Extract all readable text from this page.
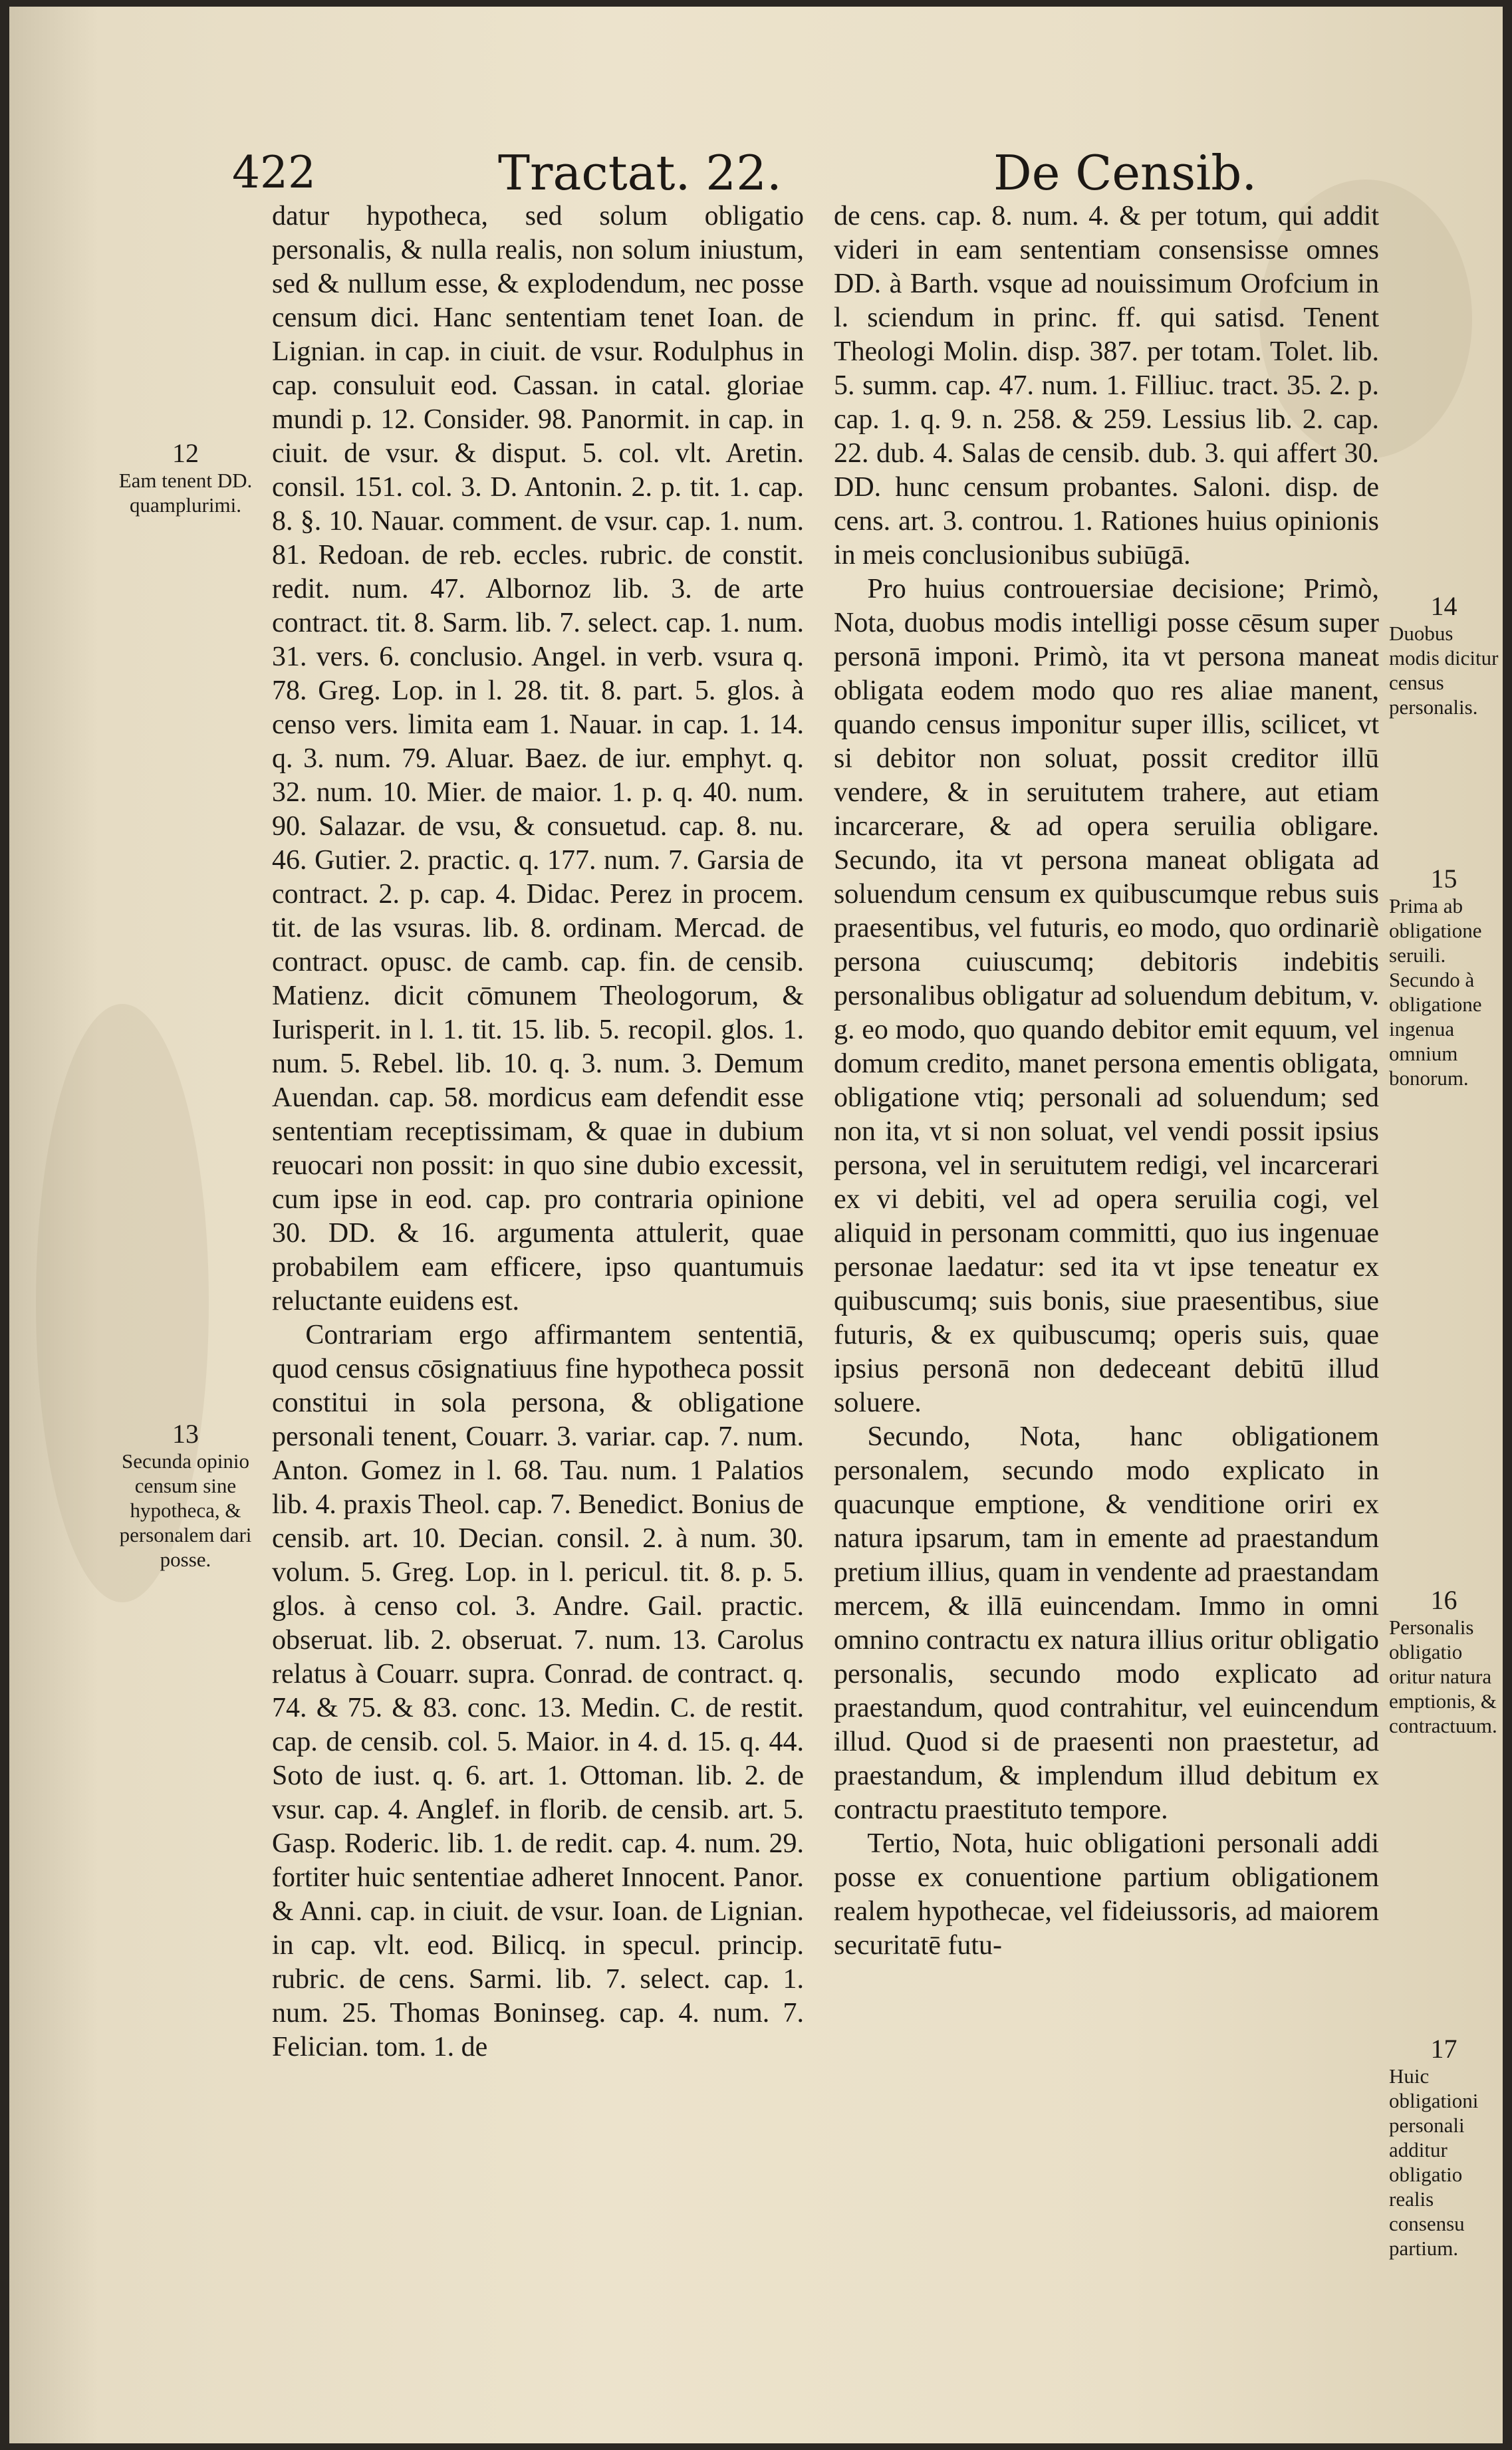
422	Tractat. 22.	De Censib.
12
Eam tenent DD. quamplurimi.
13
Secunda opinio censum sine hypotheca, & personalem dari posse.

datur hypotheca, sed solum obligatio personalis, & nulla realis, non solum iniustum, sed & nullum esse, & explodendum, nec posse censum dici. Hanc sententiam tenet Ioan. de Lignian. in cap. in ciuit. de vsur. Rodulphus in cap. consuluit eod. Cassan. in catal. gloriae mundi p. 12. Consider. 98. Panormit. in cap. in ciuit. de vsur. & disput. 5. col. vlt. Aretin. consil. 151. col. 3. D. Antonin. 2. p. tit. 1. cap. 8. §. 10. Nauar. comment. de vsur. cap. 1. num. 81. Redoan. de reb. eccles. rubric. de constit. redit. num. 47. Albornoz lib. 3. de arte contract. tit. 8. Sarm. lib. 7. select. cap. 1. num. 31. vers. 6. conclusio. Angel. in verb. vsura q. 78. Greg. Lop. in l. 28. tit. 8. part. 5. glos. à censo vers. limita eam 1. Nauar. in cap. 1. 14. q. 3. num. 79. Aluar. Baez. de iur. emphyt. q. 32. num. 10. Mier. de maior. 1. p. q. 40. num. 90. Salazar. de vsu, & consuetud. cap. 8. nu. 46. Gutier. 2. practic. q. 177. num. 7. Garsia de contract. 2. p. cap. 4. Didac. Perez in procem. tit. de las vsuras. lib. 8. ordinam. Mercad. de contract. opusc. de camb. cap. fin. de censib. Matienz. dicit cōmunem Theologorum, & Iurisperit. in l. 1. tit. 15. lib. 5. recopil. glos. 1. num. 5. Rebel. lib. 10. q. 3. num. 3. Demum Auendan. cap. 58. mordicus eam defendit esse sententiam receptissimam, & quae in dubium reuocari non possit: in quo sine dubio excessit, cum ipse in eod. cap. pro contraria opinione 30. DD. & 16. argumenta attulerit, quae probabilem eam efficere, ipso quantumuis reluctante euidens est.

Contrariam ergo affirmantem sententiā, quod census cōsignatiuus fine hypotheca possit constitui in sola persona, & obligatione personali tenent, Couarr. 3. variar. cap. 7. num. Anton. Gomez in l. 68. Tau. num. 1 Palatios lib. 4. praxis Theol. cap. 7. Benedict. Bonius de censib. art. 10. Decian. consil. 2. à num. 30. volum. 5. Greg. Lop. in l. pericul. tit. 8. p. 5. glos. à censo col. 3. Andre. Gail. practic. obseruat. lib. 2. obseruat. 7. num. 13. Carolus relatus à Couarr. supra. Conrad. de contract. q. 74. & 75. & 83. conc. 13. Medin. C. de restit. cap. de censib. col. 5. Maior. in 4. d. 15. q. 44. Soto de iust. q. 6. art. 1. Ottoman. lib. 2. de vsur. cap. 4. Anglef. in florib. de censib. art. 5. Gasp. Roderic. lib. 1. de redit. cap. 4. num. 29. fortiter huic sententiae adheret Innocent. Panor. & Anni. cap. in ciuit. de vsur. Ioan. de Lignian. in cap. vlt. eod. Bilicq. in specul. princip. rubric. de cens. Sarmi. lib. 7. select. cap. 1. num. 25. Thomas Boninseg. cap. 4. num. 7. Felician. tom. 1. de

de cens. cap. 8. num. 4. & per totum, qui addit videri in eam sententiam consensisse omnes DD. à Barth. vsque ad nouissimum Orofcium in l. sciendum in princ. ff. qui satisd. Tenent Theologi Molin. disp. 387. per totam. Tolet. lib. 5. summ. cap. 47. num. 1. Filliuc. tract. 35. 2. p. cap. 1. q. 9. n. 258. & 259. Lessius lib. 2. cap. 22. dub. 4. Salas de censib. dub. 3. qui affert 30. DD. hunc censum probantes. Saloni. disp. de cens. art. 3. controu. 1. Rationes huius opinionis in meis conclusionibus subiūgā.

Pro huius controuersiae decisione; Primò, Nota, duobus modis intelligi posse cēsum super personā imponi. Primò, ita vt persona maneat obligata eodem modo quo res aliae manent, quando census imponitur super illis, scilicet, vt si debitor non soluat, possit creditor illū vendere, & in seruitutem trahere, aut etiam incarcerare, & ad opera seruilia obligare. Secundo, ita vt persona maneat obligata ad soluendum censum ex quibuscumque rebus suis praesentibus, vel futuris, eo modo, quo ordinariè persona cuiuscumq; debitoris indebitis personalibus obligatur ad soluendum debitum, v. g. eo modo, quo quando debitor emit equum, vel domum credito, manet persona ementis obligata, obligatione vtiq; personali ad soluendum; sed non ita, vt si non soluat, vel vendi possit ipsius persona, vel in seruitutem redigi, vel incarcerari ex vi debiti, vel ad opera seruilia cogi, vel aliquid in personam committi, quo ius ingenuae personae laedatur: sed ita vt ipse teneatur ex quibuscumq; suis bonis, siue praesentibus, siue futuris, & ex quibuscumq; operis suis, quae ipsius personā non dedeceant debitū illud soluere.

Secundo, Nota, hanc obligationem personalem, secundo modo explicato in quacunque emptione, & venditione oriri ex natura ipsarum, tam in emente ad praestandum pretium illius, quam in vendente ad praestandam mercem, & illā euincendam. Immo in omni omnino contractu ex natura illius oritur obligatio personalis, secundo modo explicato ad praestandum, quod contrahitur, vel euincendum illud. Quod si de praesenti non praestetur, ad praestandum, & implendum illud debitum ex contractu praestituto tempore.

Tertio, Nota, huic obligationi personali addi posse ex conuentione partium obligationem realem hypothecae, vel fideiussoris, ad maiorem securitatē futu-

14
Duobus modis dicitur census personalis.
15
Prima ab obligatione seruili. Secundo à obligatione ingenua omnium bonorum.
16
Personalis obligatio oritur natura emptionis, & contractuum.
17
Huic obligationi personali additur obligatio realis consensu partium.
